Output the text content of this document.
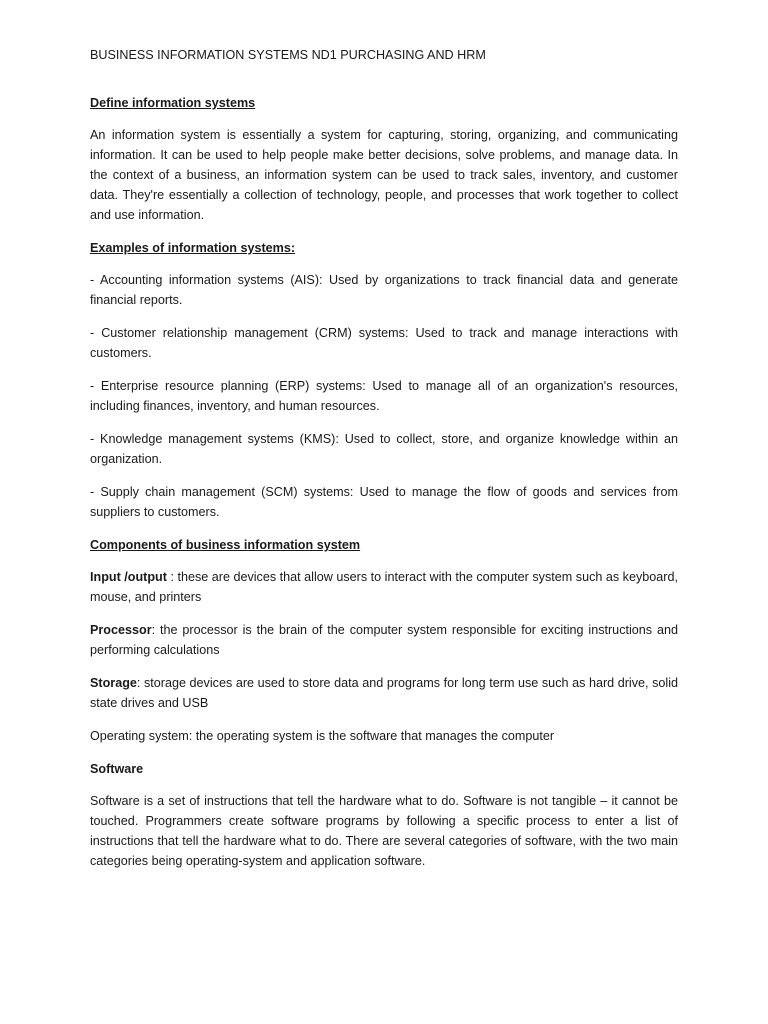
BUSINESS INFORMATION SYSTEMS ND1 PURCHASING AND HRM
Define information systems

An information system is essentially a system for capturing, storing, organizing, and communicating information. It can be used to help people make better decisions, solve problems, and manage data. In the context of a business, an information system can be used to track sales, inventory, and customer data. They're essentially a collection of technology, people, and processes that work together to collect and use information.

Examples of information systems:

- Accounting information systems (AIS): Used by organizations to track financial data and generate financial reports.

- Customer relationship management (CRM) systems: Used to track and manage interactions with customers.

- Enterprise resource planning (ERP) systems: Used to manage all of an organization's resources, including finances, inventory, and human resources.

- Knowledge management systems (KMS): Used to collect, store, and organize knowledge within an organization.

- Supply chain management (SCM) systems: Used to manage the flow of goods and services from suppliers to customers.

Components of business information system

Input /output : these are devices that allow users to interact with the computer system such as keyboard, mouse, and printers

Processor: the processor is the brain of the computer system responsible for exciting instructions and performing calculations

Storage: storage devices are used to store data and programs for long term use such as hard drive, solid state drives and USB

Operating system: the operating system is the software that manages the computer

Software

Software is a set of instructions that tell the hardware what to do. Software is not tangible – it cannot be touched. Programmers create software programs by following a specific process to enter a list of instructions that tell the hardware what to do. There are several categories of software, with the two main categories being operating-system and application software.
